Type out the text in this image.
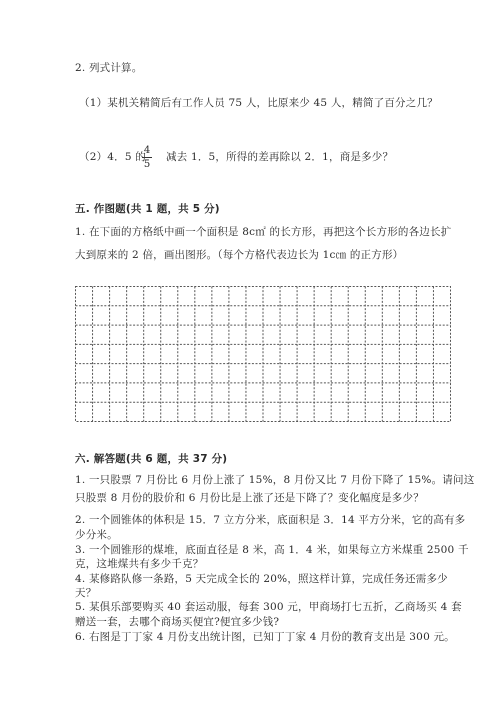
2. 列式计算。
（1）某机关精简后有工作人员 75 人，比原来少 45 人，精简了百分之几？
（2）4．5 的
4
5
减去 1．5，所得的差再除以 2．1，商是多少？
五. 作图题(共 1 题，共 5 分)
1. 在下面的方格纸中画一个面积是 8c㎡ 的长方形，再把这个长方形的各边长扩
大到原来的 2 倍，画出图形。（每个方格代表边长为 1c㎝ 的正方形）
六. 解答题(共 6 题，共 37 分)
1. 一只股票 7 月份比 6 月份上涨了 15%，8 月份又比 7 月份下降了 15%。请问这
只股票 8 月份的股价和 6 月份比是上涨了还是下降了？变化幅度是多少？
2. 一个圆锥体的体积是 15．7 立方分米，底面积是 3．14 平方分米，它的高有多
少分米。
3. 一个圆锥形的煤堆，底面直径是 8 米，高 1．4 米，如果每立方米煤重 2500 千
克，这堆煤共有多少千克？
4. 某修路队修一条路，5 天完成全长的 20%，照这样计算，完成任务还需多少
天？
5. 某俱乐部要购买 40 套运动服，每套 300 元，甲商场打七五折，乙商场买 4 套
赠送一套，去哪个商场买便宜?便宜多少钱?
6. 右图是丁丁家 4 月份支出统计图，已知丁丁家 4 月份的教育支出是 300 元。
